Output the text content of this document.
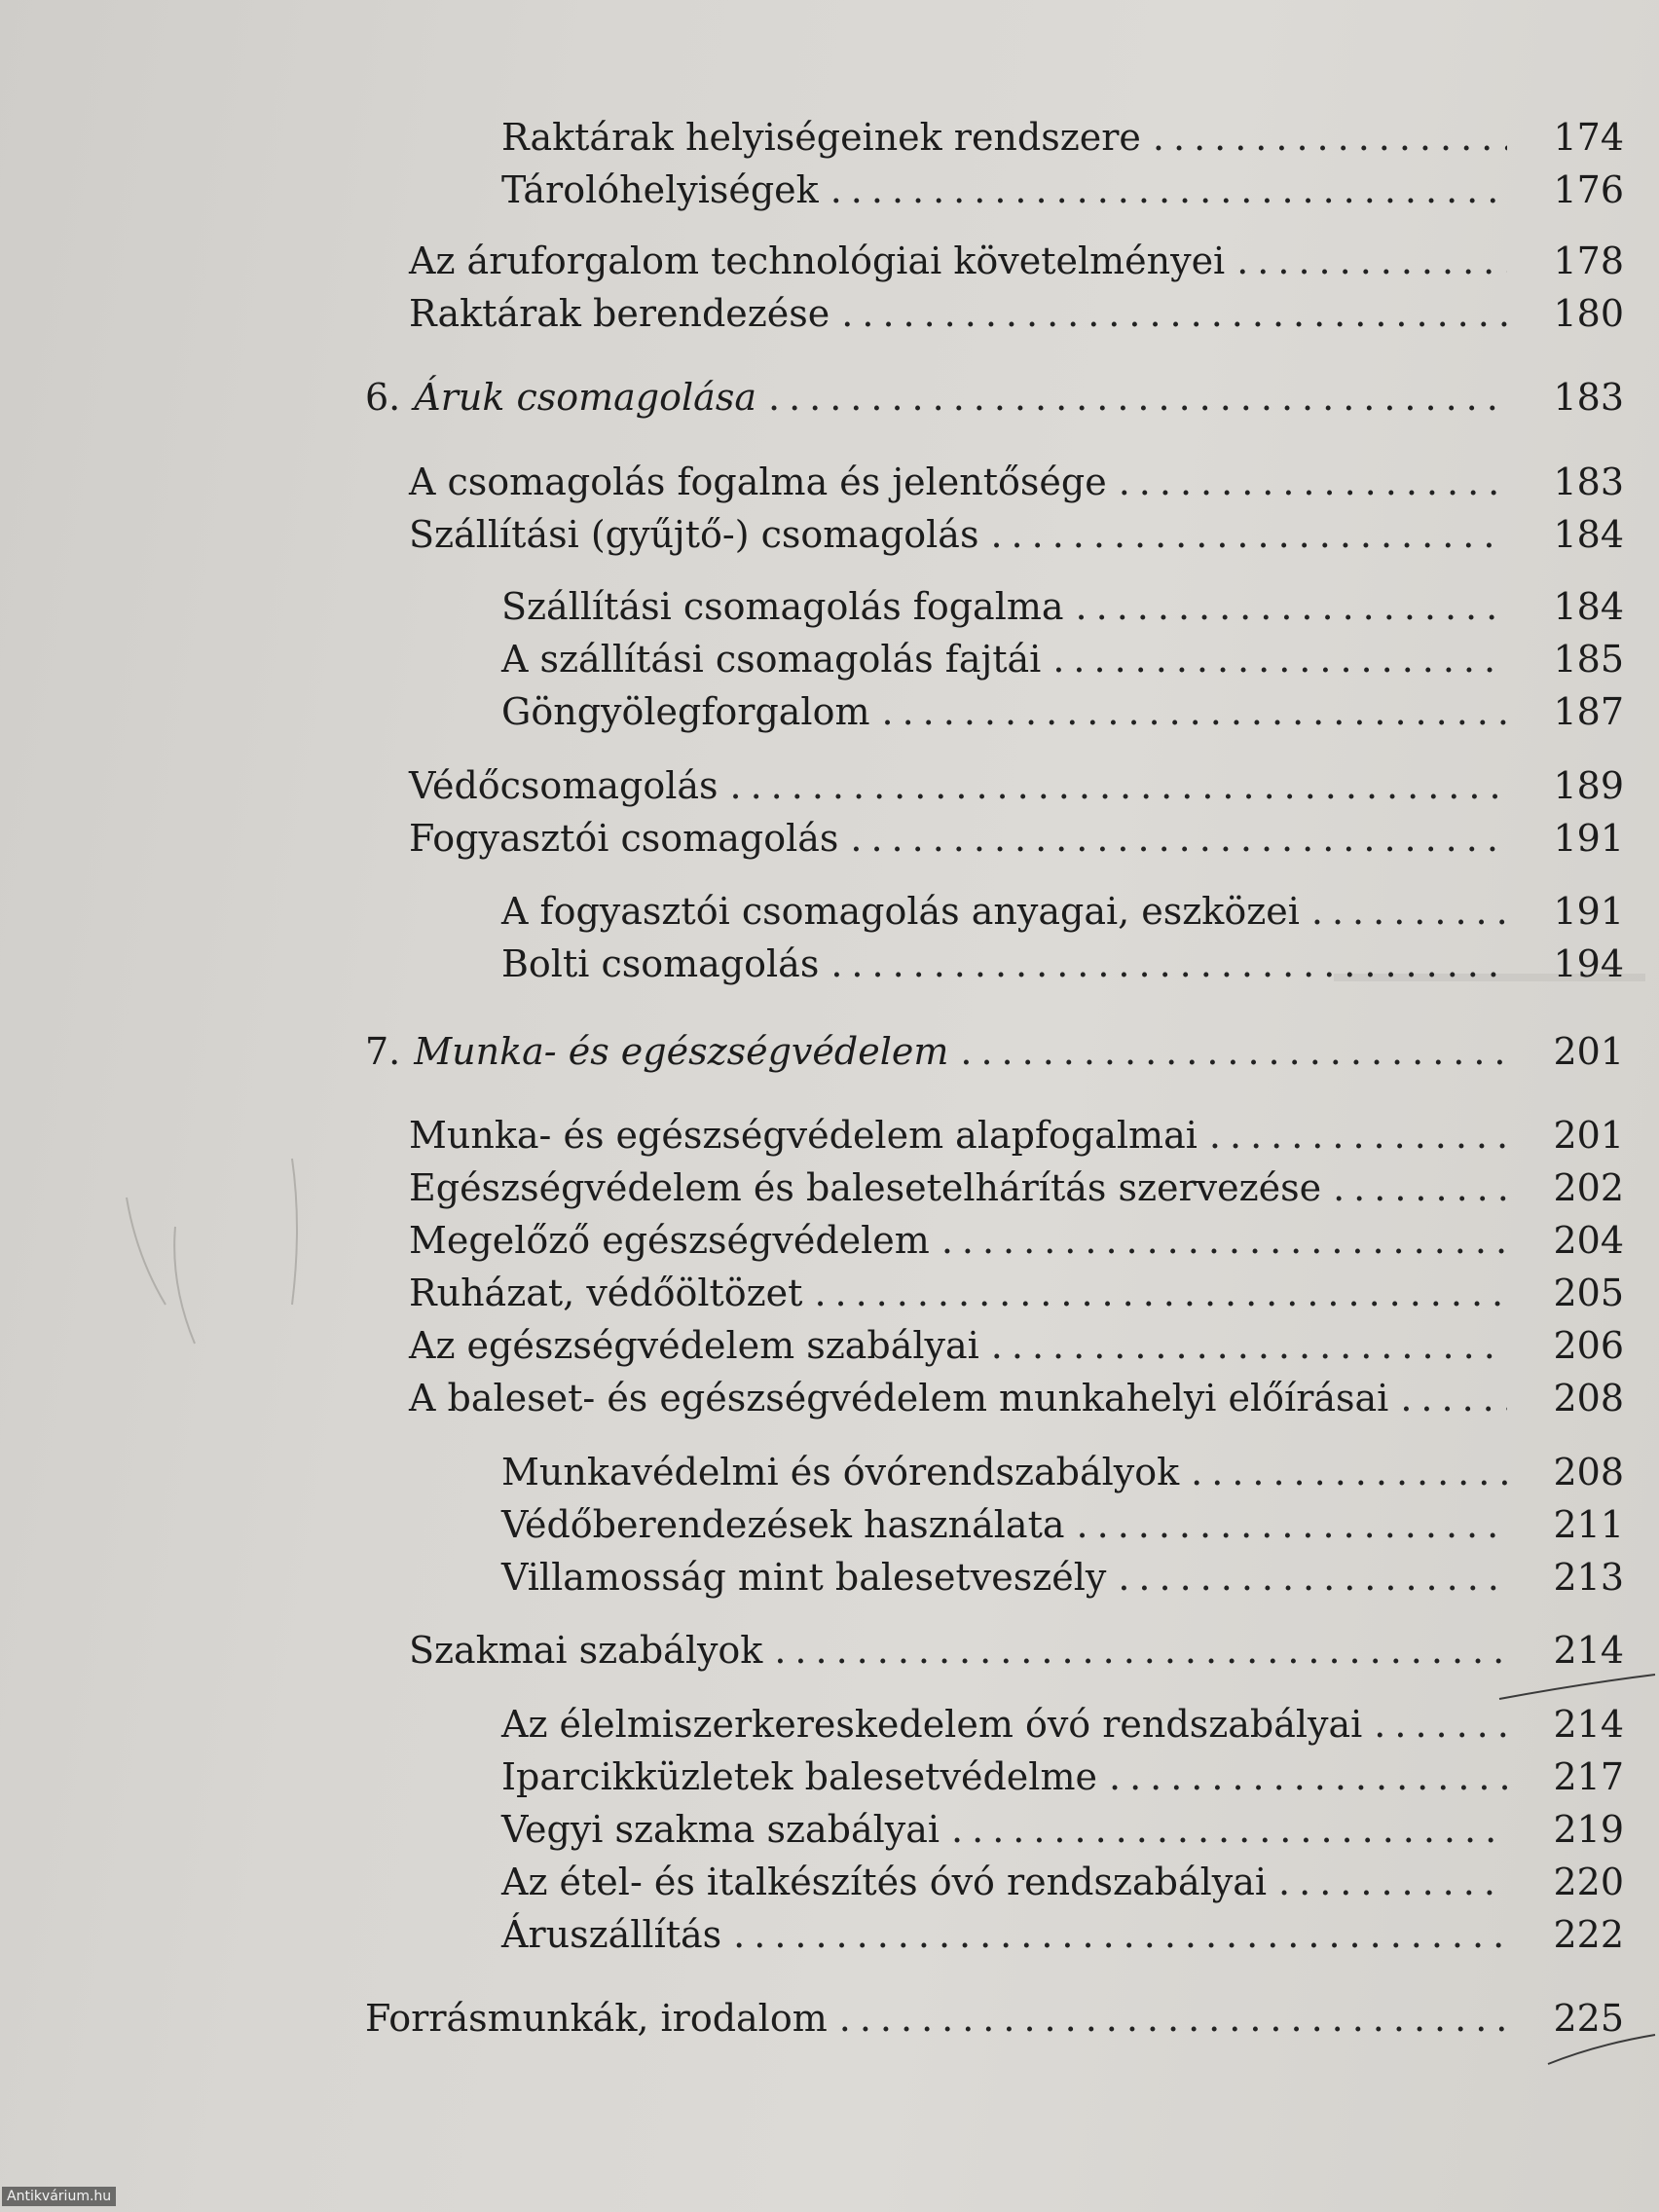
Raktárak helyiségeinek rendszere .....	174
Tárolóhelyiségek .....	176
Az áruforgalom technológiai követelményei .....	178
Raktárak berendezése .....	180
6. Áruk csomagolása .....	183
A csomagolás fogalma és jelentősége .....	183
Szállítási (gyűjtő-) csomagolás .....	184
Szállítási csomagolás fogalma .....	184
A szállítási csomagolás fajtái .....	185
Göngyölegforgalom .....	187
Védőcsomagolás .....	189
Fogyasztói csomagolás .....	191
A fogyasztói csomagolás anyagai, eszközei .....	191
Bolti csomagolás .....	194
7. Munka- és egészségvédelem .....	201
Munka- és egészségvédelem alapfogalmai .....	201
Egészségvédelem és balesetelhárítás szervezése .....	202
Megelőző egészségvédelem .....	204
Ruházat, védőöltözet .....	205
Az egészségvédelem szabályai .....	206
A baleset- és egészségvédelem munkahelyi előírásai .....	208
Munkavédelmi és óvórendszabályok .....	208
Védőberendezések használata .....	211
Villamosság mint balesetveszély .....	213
Szakmai szabályok .....	214
Az élelmiszerkereskedelem óvó rendszabályai .....	214
Iparcikküzletek balesetvédelme .....	217
Vegyi szakma szabályai .....	219
Az étel- és italkészítés óvó rendszabályai .....	220
Áruszállítás .....	222
Forrásmunkák, irodalom .....	225
Antikvárium.hu
